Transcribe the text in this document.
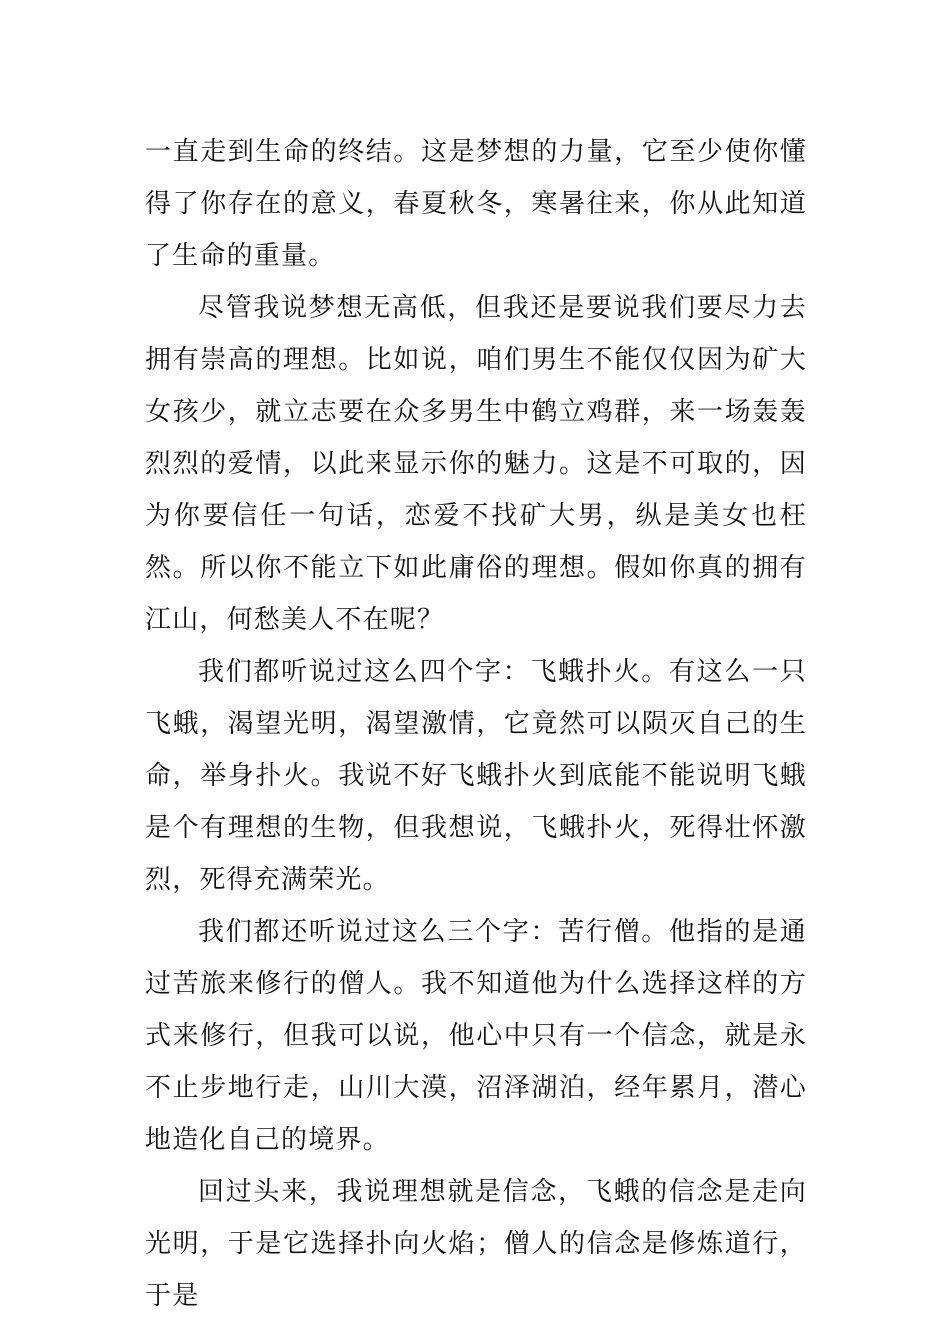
一直走到生命的终结。这是梦想的力量，它至少使你懂得了你存在的意义，春夏秋冬，寒暑往来，你从此知道了生命的重量。

尽管我说梦想无高低，但我还是要说我们要尽力去拥有崇高的理想。比如说，咱们男生不能仅仅因为矿大女孩少，就立志要在众多男生中鹤立鸡群，来一场轰轰烈烈的爱情，以此来显示你的魅力。这是不可取的，因为你要信任一句话，恋爱不找矿大男，纵是美女也枉然。所以你不能立下如此庸俗的理想。假如你真的拥有江山，何愁美人不在呢？

我们都听说过这么四个字：飞蛾扑火。有这么一只飞蛾，渴望光明，渴望激情，它竟然可以陨灭自己的生命，举身扑火。我说不好飞蛾扑火到底能不能说明飞蛾是个有理想的生物，但我想说，飞蛾扑火，死得壮怀激烈，死得充满荣光。

我们都还听说过这么三个字：苦行僧。他指的是通过苦旅来修行的僧人。我不知道他为什么选择这样的方式来修行，但我可以说，他心中只有一个信念，就是永不止步地行走，山川大漠，沼泽湖泊，经年累月，潜心地造化自己的境界。

回过头来，我说理想就是信念，飞蛾的信念是走向光明，于是它选择扑向火焰；僧人的信念是修炼道行，于是
